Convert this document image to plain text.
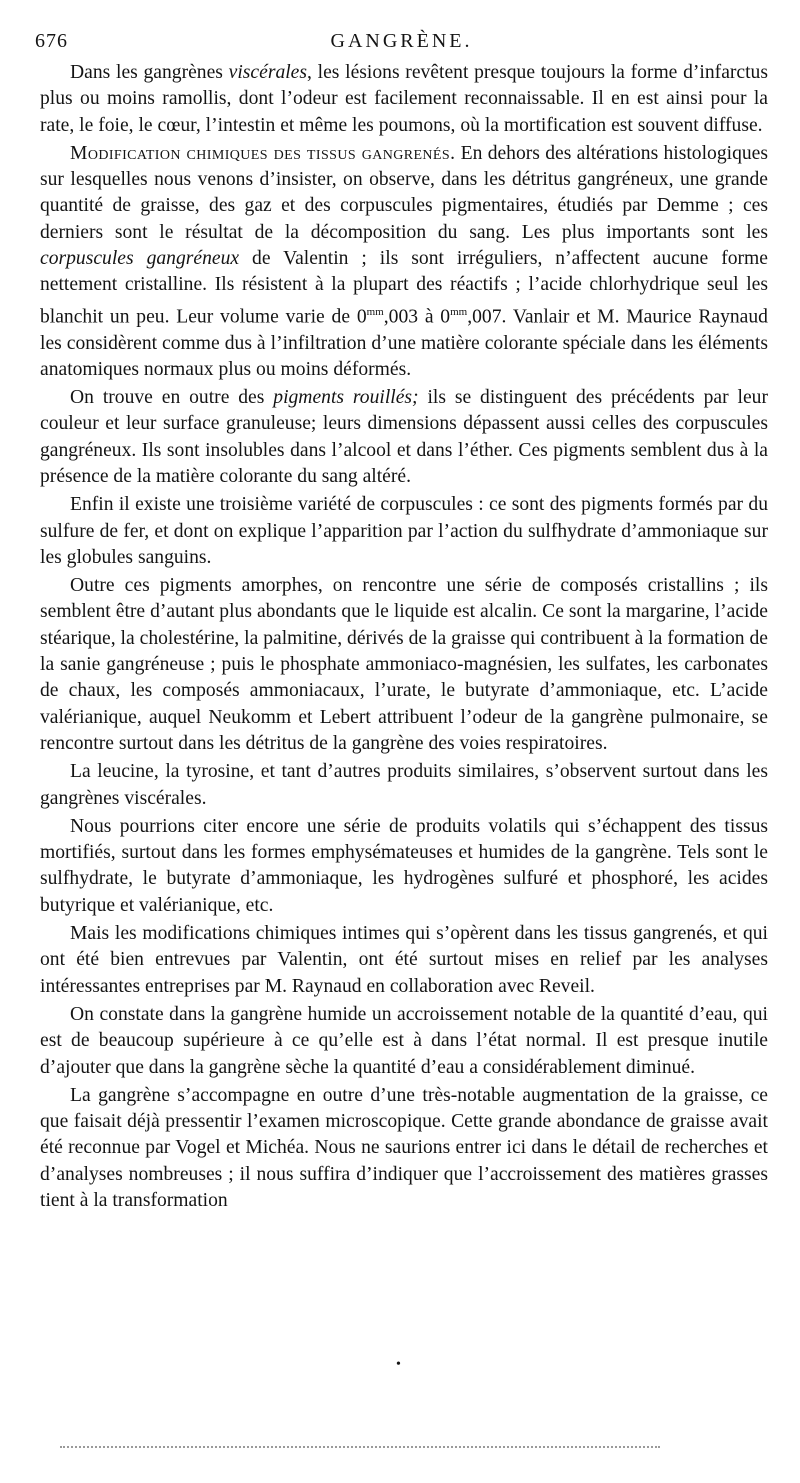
676	GANGRÈNE.

Dans les gangrènes viscérales, les lésions revêtent presque toujours la forme d’infarctus plus ou moins ramollis, dont l’odeur est facilement reconnaissable. Il en est ainsi pour la rate, le foie, le cœur, l’intestin et même les poumons, où la mortification est souvent diffuse.

Modification chimiques des tissus gangrenés. En dehors des altérations histologiques sur lesquelles nous venons d’insister, on observe, dans les détritus gangréneux, une grande quantité de graisse, des gaz et des corpuscules pigmentaires, étudiés par Demme ; ces derniers sont le résultat de la décomposition du sang. Les plus importants sont les corpuscules gangréneux de Valentin ; ils sont irréguliers, n’affectent aucune forme nettement cristalline. Ils résistent à la plupart des réactifs ; l’acide chlorhydrique seul les blanchit un peu. Leur volume varie de $0^{mm},003$ à $0^{mm},007$. Vanlair et M. Maurice Raynaud les considèrent comme dus à l’infiltration d’une matière colorante spéciale dans les éléments anatomiques normaux plus ou moins déformés.

On trouve en outre des pigments rouillés; ils se distinguent des précédents par leur couleur et leur surface granuleuse; leurs dimensions dépassent aussi celles des corpuscules gangréneux. Ils sont insolubles dans l’alcool et dans l’éther. Ces pigments semblent dus à la présence de la matière colorante du sang altéré.

Enfin il existe une troisième variété de corpuscules : ce sont des pigments formés par du sulfure de fer, et dont on explique l’apparition par l’action du sulfhydrate d’ammoniaque sur les globules sanguins.

Outre ces pigments amorphes, on rencontre une série de composés cristallins ; ils semblent être d’autant plus abondants que le liquide est alcalin. Ce sont la margarine, l’acide stéarique, la cholestérine, la palmitine, dérivés de la graisse qui contribuent à la formation de la sanie gangréneuse ; puis le phosphate ammoniaco-magnésien, les sulfates, les carbonates de chaux, les composés ammoniacaux, l’urate, le butyrate d’ammoniaque, etc. L’acide valérianique, auquel Neukomm et Lebert attribuent l’odeur de la gangrène pulmonaire, se rencontre surtout dans les détritus de la gangrène des voies respiratoires.

La leucine, la tyrosine, et tant d’autres produits similaires, s’observent surtout dans les gangrènes viscérales.

Nous pourrions citer encore une série de produits volatils qui s’échappent des tissus mortifiés, surtout dans les formes emphysémateuses et humides de la gangrène. Tels sont le sulfhydrate, le butyrate d’ammoniaque, les hydrogènes sulfuré et phosphoré, les acides butyrique et valérianique, etc.

Mais les modifications chimiques intimes qui s’opèrent dans les tissus gangrenés, et qui ont été bien entrevues par Valentin, ont été surtout mises en relief par les analyses intéressantes entreprises par M. Raynaud en collaboration avec Reveil.

On constate dans la gangrène humide un accroissement notable de la quantité d’eau, qui est de beaucoup supérieure à ce qu’elle est à dans l’état normal. Il est presque inutile d’ajouter que dans la gangrène sèche la quantité d’eau a considérablement diminué.

La gangrène s’accompagne en outre d’une très-notable augmentation de la graisse, ce que faisait déjà pressentir l’examen microscopique. Cette grande abondance de graisse avait été reconnue par Vogel et Michéa. Nous ne saurions entrer ici dans le détail de recherches et d’analyses nombreuses ; il nous suffira d’indiquer que l’accroissement des matières grasses tient à la transformation

•
